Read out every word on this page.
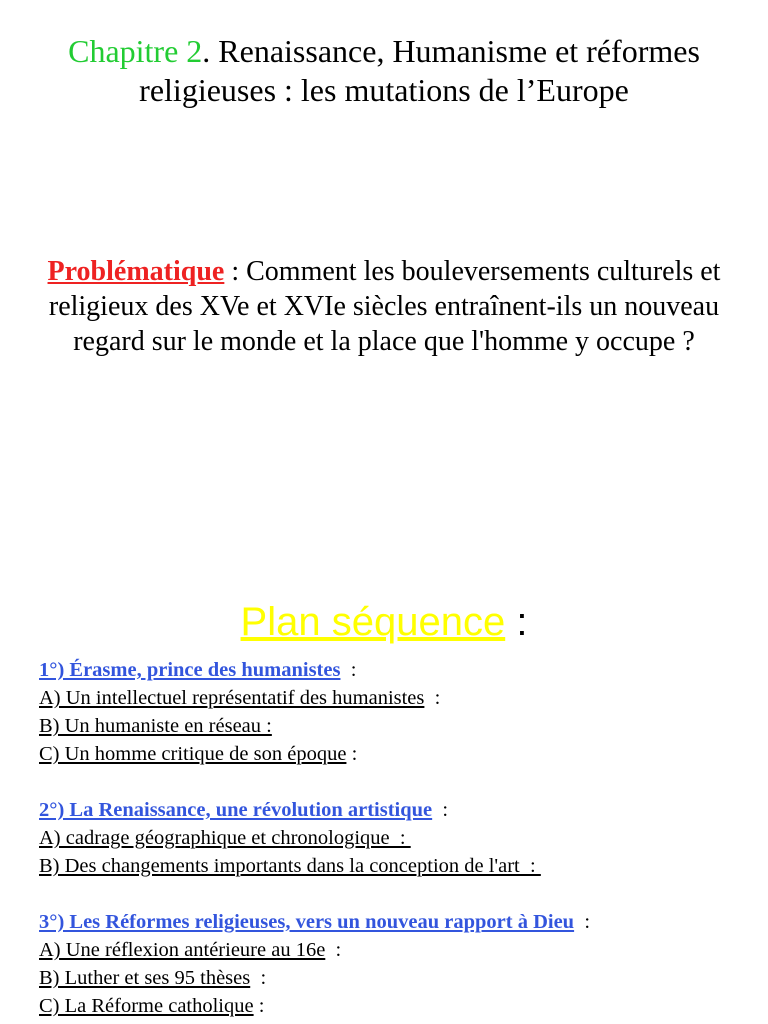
Chapitre 2. Renaissance, Humanisme et réformes religieuses : les mutations de l’Europe
Problématique : Comment les bouleversements culturels et religieux des XVe et XVIe siècles entraînent-ils un nouveau regard sur le monde et la place que l'homme y occupe ?
Plan séquence :
1°) Érasme, prince des humanistes  :
A) Un intellectuel représentatif des humanistes  :
B) Un humaniste en réseau :
C) Un homme critique de son époque :
2°) La Renaissance, une révolution artistique  :
A) cadrage géographique et chronologique  :
B) Des changements importants dans la conception de l'art  :
3°) Les Réformes religieuses, vers un nouveau rapport à Dieu  :
A) Une réflexion antérieure au 16e  :
B) Luther et ses 95 thèses  :
C) La Réforme catholique :
